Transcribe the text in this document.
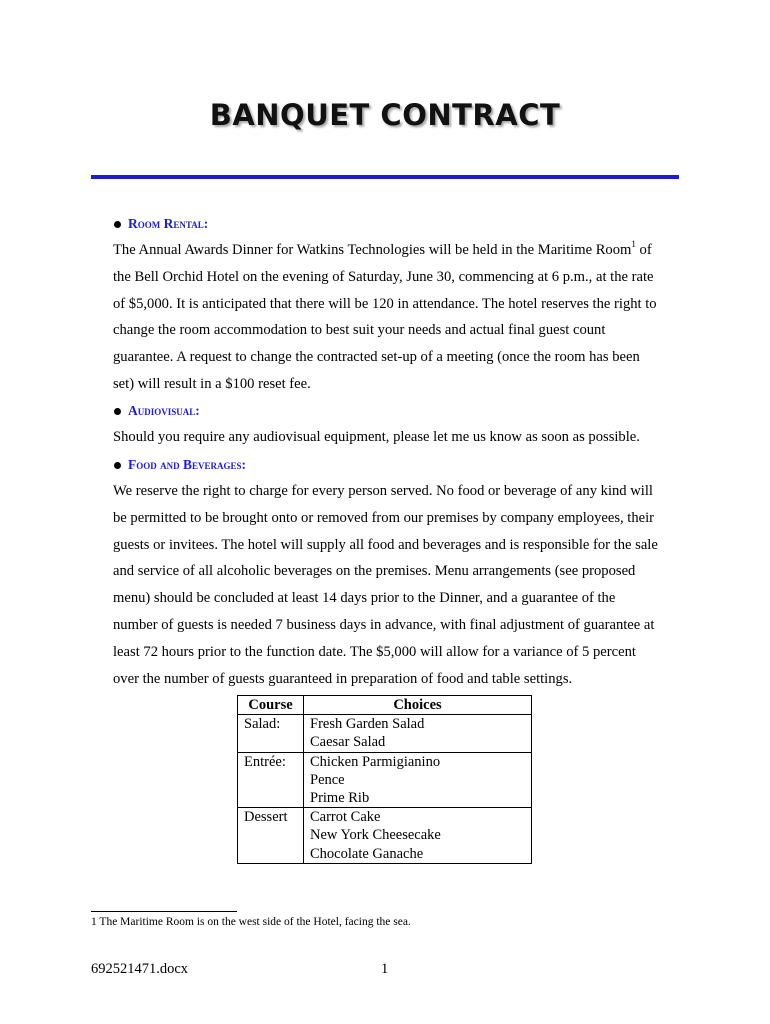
BANQUET CONTRACT
Room Rental:
The Annual Awards Dinner for Watkins Technologies will be held in the Maritime Room$^1$ of
the Bell Orchid Hotel on the evening of Saturday, June 30, commencing at 6 p.m., at the rate
of $5,000. It is anticipated that there will be 120 in attendance. The hotel reserves the right to
change the room accommodation to best suit your needs and actual final guest count
guarantee. A request to change the contracted set-up of a meeting (once the room has been
set) will result in a $100 reset fee.
Audiovisual:
Should you require any audiovisual equipment, please let me us know as soon as possible.
Food and Beverages:
We reserve the right to charge for every person served. No food or beverage of any kind will
be permitted to be brought onto or removed from our premises by company employees, their
guests or invitees. The hotel will supply all food and beverages and is responsible for the sale
and service of all alcoholic beverages on the premises. Menu arrangements (see proposed
menu) should be concluded at least 14 days prior to the Dinner, and a guarantee of the
number of guests is needed 7 business days in advance, with final adjustment of guarantee at
least 72 hours prior to the function date. The $5,000 will allow for a variance of 5 percent
over the number of guests guaranteed in preparation of food and table settings.
Course	Choices
Salad:	Fresh Garden Salad
Caesar Salad

Entrée:	Chicken Parmigianino
Pence
Prime Rib

Dessert	Carrot Cake
New York Cheesecake
Chocolate Ganache
1 The Maritime Room is on the west side of the Hotel, facing the sea.
692521471.docx	1
